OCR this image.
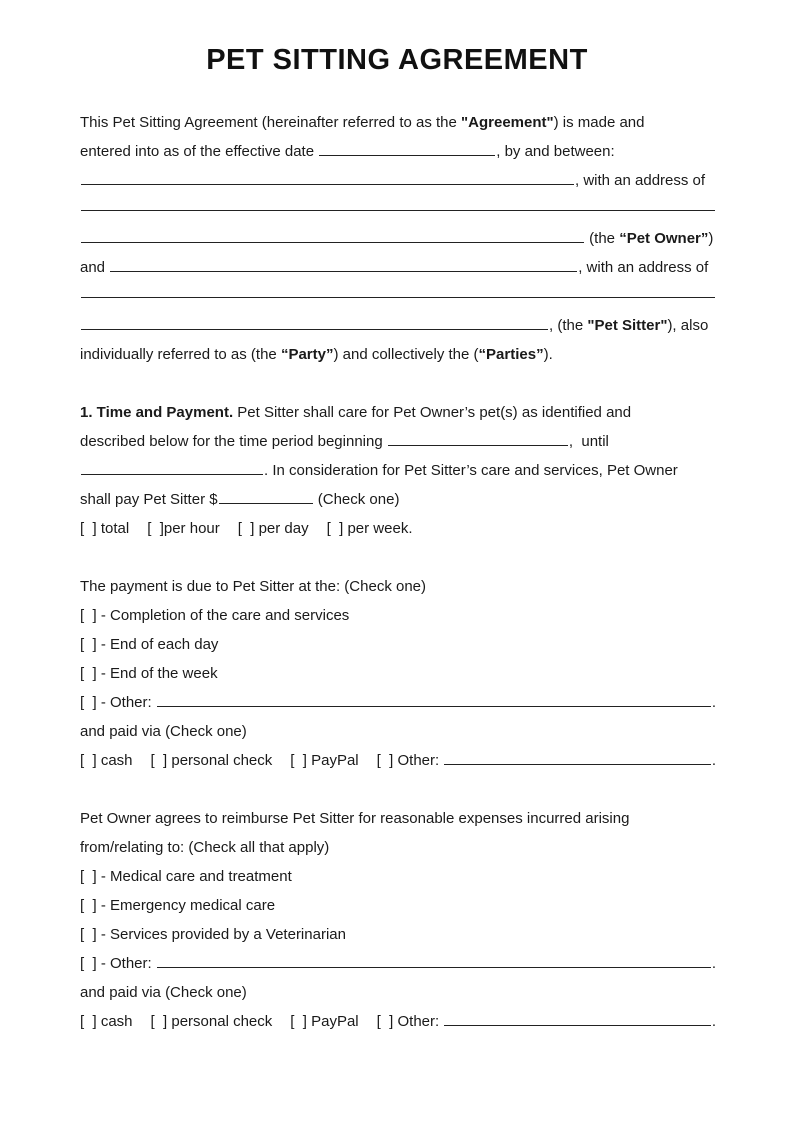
PET SITTING AGREEMENT
This Pet Sitting Agreement (hereinafter referred to as the "Agreement" ) is made and
entered into as of the effective date	, by and between:
, with an address of
(the “Pet Owner” )
and	, with an address of
, (the "Pet Sitter" ), also
individually referred to as (the “Party” ) and collectively the ( “Parties” ).
1. Time and Payment. Pet Sitter shall care for Pet Owner’s pet(s) as identified and
described below for the time period beginning	,  until
. In consideration for Pet Sitter’s care and services, Pet Owner
shall pay Pet Sitter $	(Check one)
[  ] total [  ]per hour [  ] per day [  ] per week.
The payment is due to Pet Sitter at the: (Check one)
[  ] - Completion of the care and services
[  ] - End of each day
[  ] - End of the week
[  ] - Other:	.
and paid via (Check one)
[  ] cash [  ] personal check [  ] PayPal [  ] Other:	.
Pet Owner agrees to reimburse Pet Sitter for reasonable expenses incurred arising
from/relating to: (Check all that apply)
[  ] - Medical care and treatment
[  ] - Emergency medical care
[  ] - Services provided by a Veterinarian
[  ] - Other:	.
and paid via (Check one)
[  ] cash [  ] personal check [  ] PayPal [  ] Other:	.
